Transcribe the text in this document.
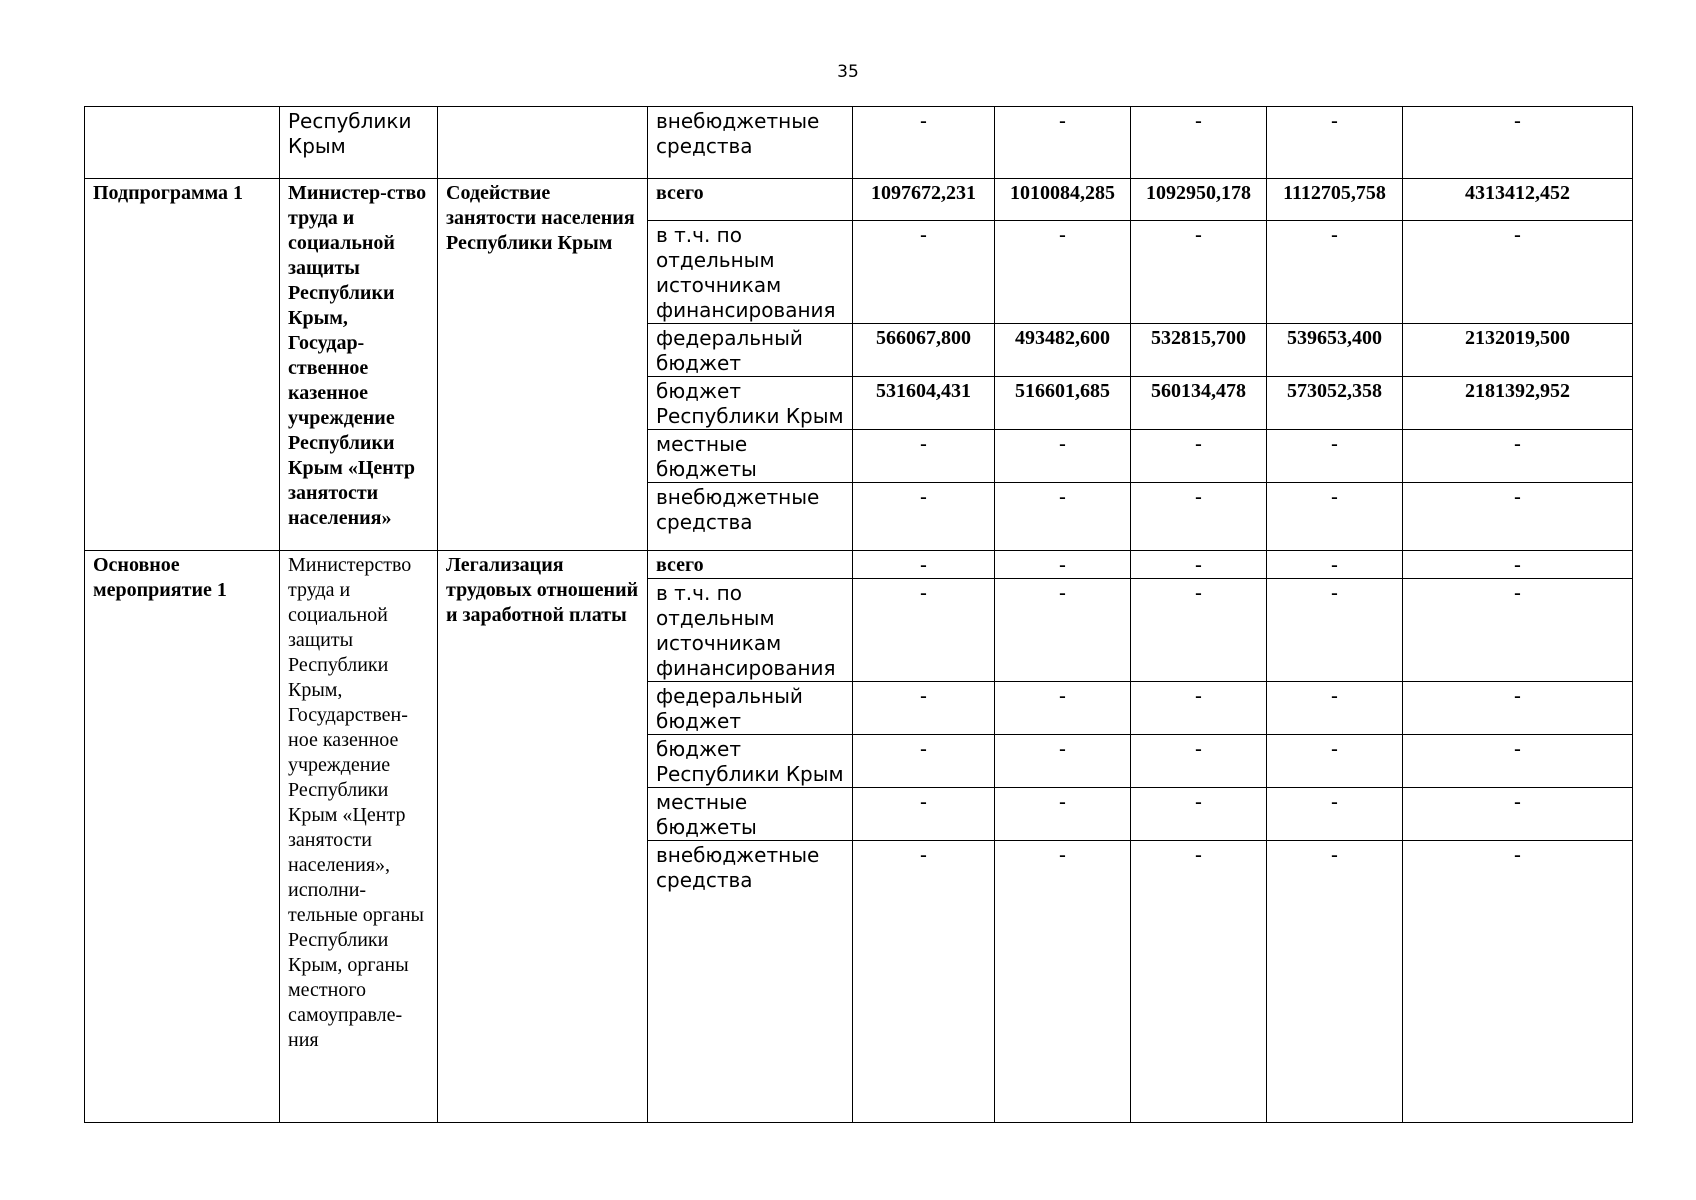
35
	Республики Крым		внебюджетные средства	-	-	-	-	-
Подпрограмма 1	Министер-ство труда и социальной защиты Республики Крым, Государ-ственное казенное учреждение Республики Крым «Центр занятости населения»	Содействие занятости населения Республики Крым	всего	1097672,231	1010084,285	1092950,178	1112705,758	4313412,452
			в т.ч. по отдельным источникам финансирования	-	-	-	-	-
			федеральный бюджет	566067,800	493482,600	532815,700	539653,400	2132019,500
			бюджет Республики Крым	531604,431	516601,685	560134,478	573052,358	2181392,952
			местные бюджеты	-	-	-	-	-
			внебюджетные средства	-	-	-	-	-
Основное мероприятие 1	Министерство труда и социальной защиты Республики Крым, Государствен-ное казенное учреждение Республики Крым «Центр занятости населения», исполни-тельные органы Республики Крым, органы местного самоуправле-ния	Легализация трудовых отношений и заработной платы	всего	-	-	-	-	-
			в т.ч. по отдельным источникам финансирования	-	-	-	-	-
			федеральный бюджет	-	-	-	-	-
			бюджет Республики Крым	-	-	-	-	-
			местные бюджеты	-	-	-	-	-
			внебюджетные средства	-	-	-	-	-
